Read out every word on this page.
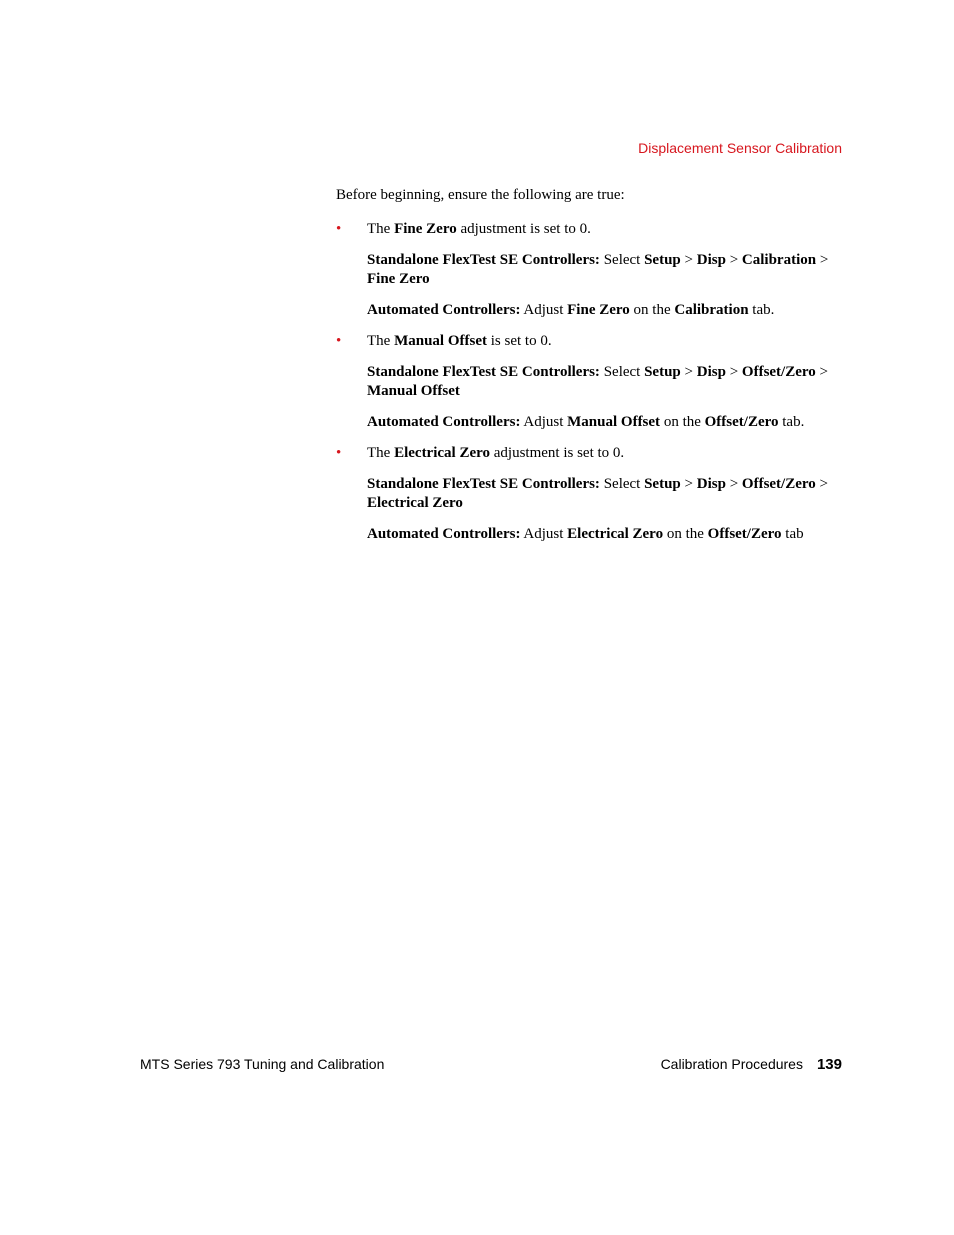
Displacement Sensor Calibration

Before beginning, ensure the following are true:

• The Fine Zero adjustment is set to 0.

Standalone FlexTest SE Controllers: Select Setup > Disp > Calibration > Fine Zero

Automated Controllers: Adjust Fine Zero on the Calibration tab.

• The Manual Offset is set to 0.

Standalone FlexTest SE Controllers: Select Setup > Disp > Offset/Zero > Manual Offset

Automated Controllers: Adjust Manual Offset on the Offset/Zero tab.

• The Electrical Zero adjustment is set to 0.

Standalone FlexTest SE Controllers: Select Setup > Disp > Offset/Zero > Electrical Zero

Automated Controllers: Adjust Electrical Zero on the Offset/Zero tab

MTS Series 793 Tuning and Calibration	Calibration Procedures 139
